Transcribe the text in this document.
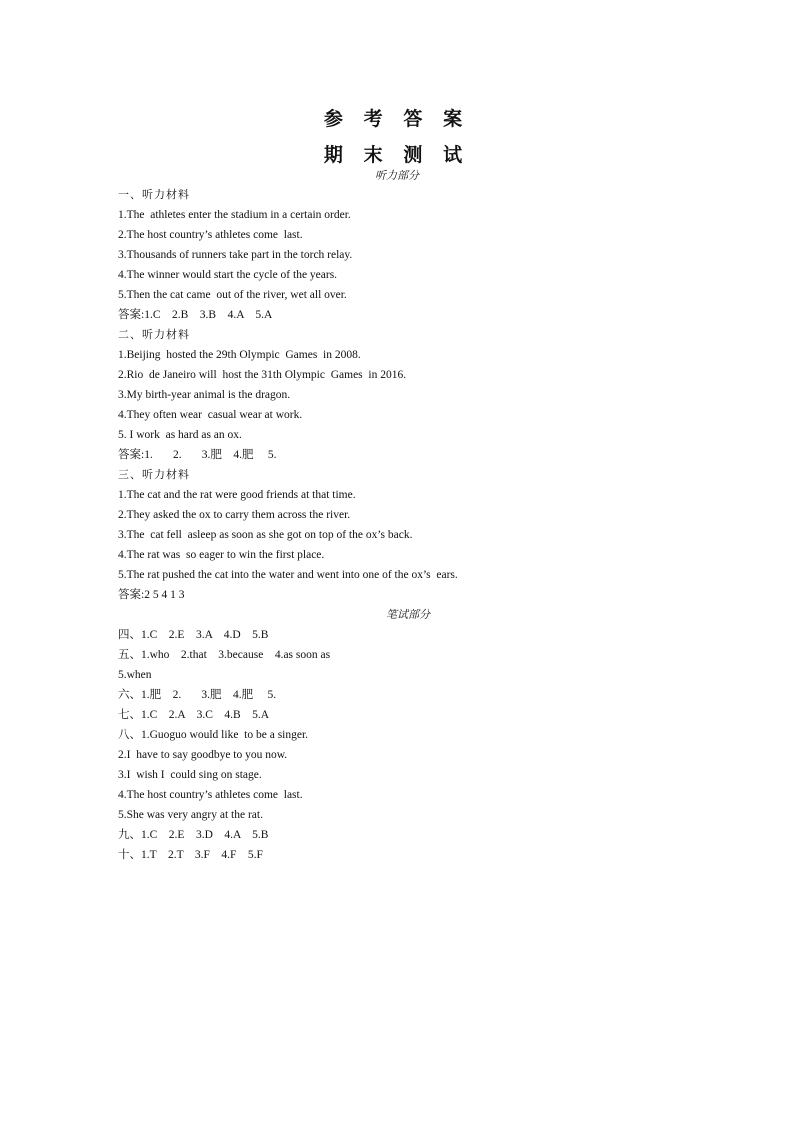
参 考 答 案
期 末 测 试
听力部分
一、听力材料
1.The  athletes enter the stadium in a certain order.
2.The host country’s athletes come  last.
3.Thousands of runners take part in the torch relay.
4.The winner would start the cycle of the years.
5.Then the cat came  out of the river, wet all over.
答案:1.C    2.B    3.B    4.A    5.A
二、听力材料
1.Beijing  hosted the 29th Olympic  Games  in 2008.
2.Rio  de Janeiro will  host the 31th Olympic  Games  in 2016.
3.My birth-year animal is the dragon.
4.They often wear  casual wear at work.
5. I work  as hard as an ox.
答案:1.       2.       3.肥    4.肥     5.
三、听力材料
1.The cat and the rat were good friends at that time.
2.They asked the ox to carry them across the river.
3.The  cat fell  asleep as soon as she got on top of the ox’s back.
4.The rat was  so eager to win the first place.
5.The rat pushed the cat into the water and went into one of the ox’s  ears.
答案:2 5 4 1 3
笔试部分
四、1.C    2.E    3.A    4.D    5.B
五、1.who    2.that    3.because    4.as soon as
5.when
六、1.肥    2.       3.肥    4.肥     5.
七、1.C    2.A    3.C    4.B    5.A
八、1.Guoguo would like  to be a singer.
2.I  have to say goodbye to you now.
3.I  wish I  could sing on stage.
4.The host country’s athletes come  last.
5.She was very angry at the rat.
九、1.C    2.E    3.D    4.A    5.B
十、1.T    2.T    3.F    4.F    5.F
